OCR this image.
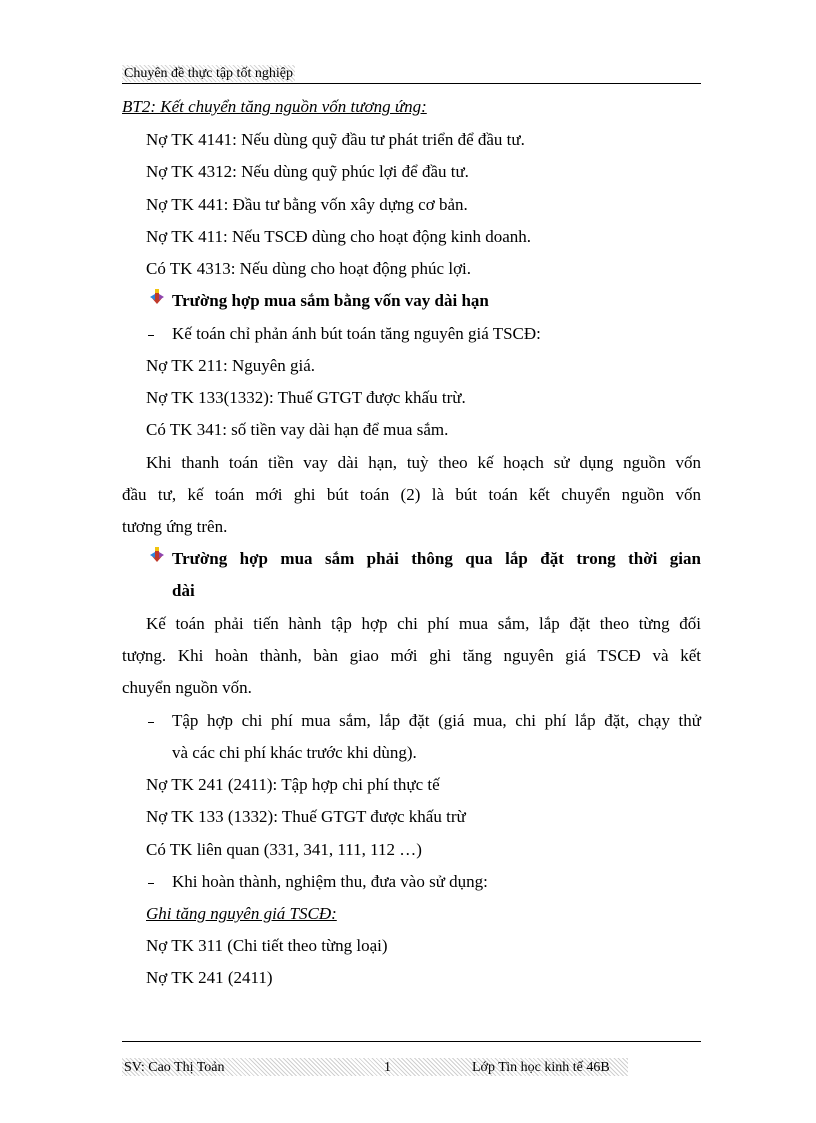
Chuyên đề thực tập tốt nghiệp
BT2: Kết chuyển tăng nguồn vốn tương ứng:
Nợ TK 4141: Nếu dùng quỹ đầu tư phát triển để đầu tư.
Nợ TK 4312: Nếu dùng quỹ phúc lợi để đầu tư.
Nợ TK 441: Đầu tư bằng vốn xây dựng cơ bản.
Nợ TK 411: Nếu TSCĐ dùng cho hoạt động kinh doanh.
Có TK 4313: Nếu dùng cho hoạt động phúc lợi.
Trường hợp mua sắm bằng vốn vay dài hạn
Kế toán chỉ phản ánh bút toán tăng nguyên giá TSCĐ:
Nợ TK 211: Nguyên giá.
Nợ TK 133(1332): Thuế GTGT được khấu trừ.
Có TK 341: số tiền vay dài hạn để mua sắm.
Khi thanh toán tiền vay dài hạn, tuỳ theo kế hoạch sử dụng nguồn vốn
đầu tư, kế toán mới ghi bút toán (2) là bút toán kết chuyển nguồn vốn
tương ứng trên.
Trường hợp mua sắm phải thông qua lắp đặt trong thời gian
dài
Kế toán phải tiến hành tập hợp chi phí mua sắm, lắp đặt theo từng đối
tượng. Khi hoàn thành, bàn giao mới ghi tăng nguyên giá TSCĐ và kết
chuyển nguồn vốn.
Tập hợp chi phí mua sắm, lắp đặt (giá mua, chi phí lắp đặt, chạy thử
và các chi phí khác trước khi dùng).
Nợ TK 241 (2411): Tập hợp chi phí thực tế
Nợ TK 133 (1332): Thuế GTGT được khấu trừ
Có TK liên quan (331, 341, 111, 112 …)
Khi hoàn thành, nghiệm thu, đưa vào sử dụng:
Ghi tăng nguyên giá TSCĐ:
Nợ TK 311 (Chi tiết theo từng loại)
Nợ TK 241 (2411)
SV: Cao Thị Toản	1	Lớp Tin học kinh tế 46B
